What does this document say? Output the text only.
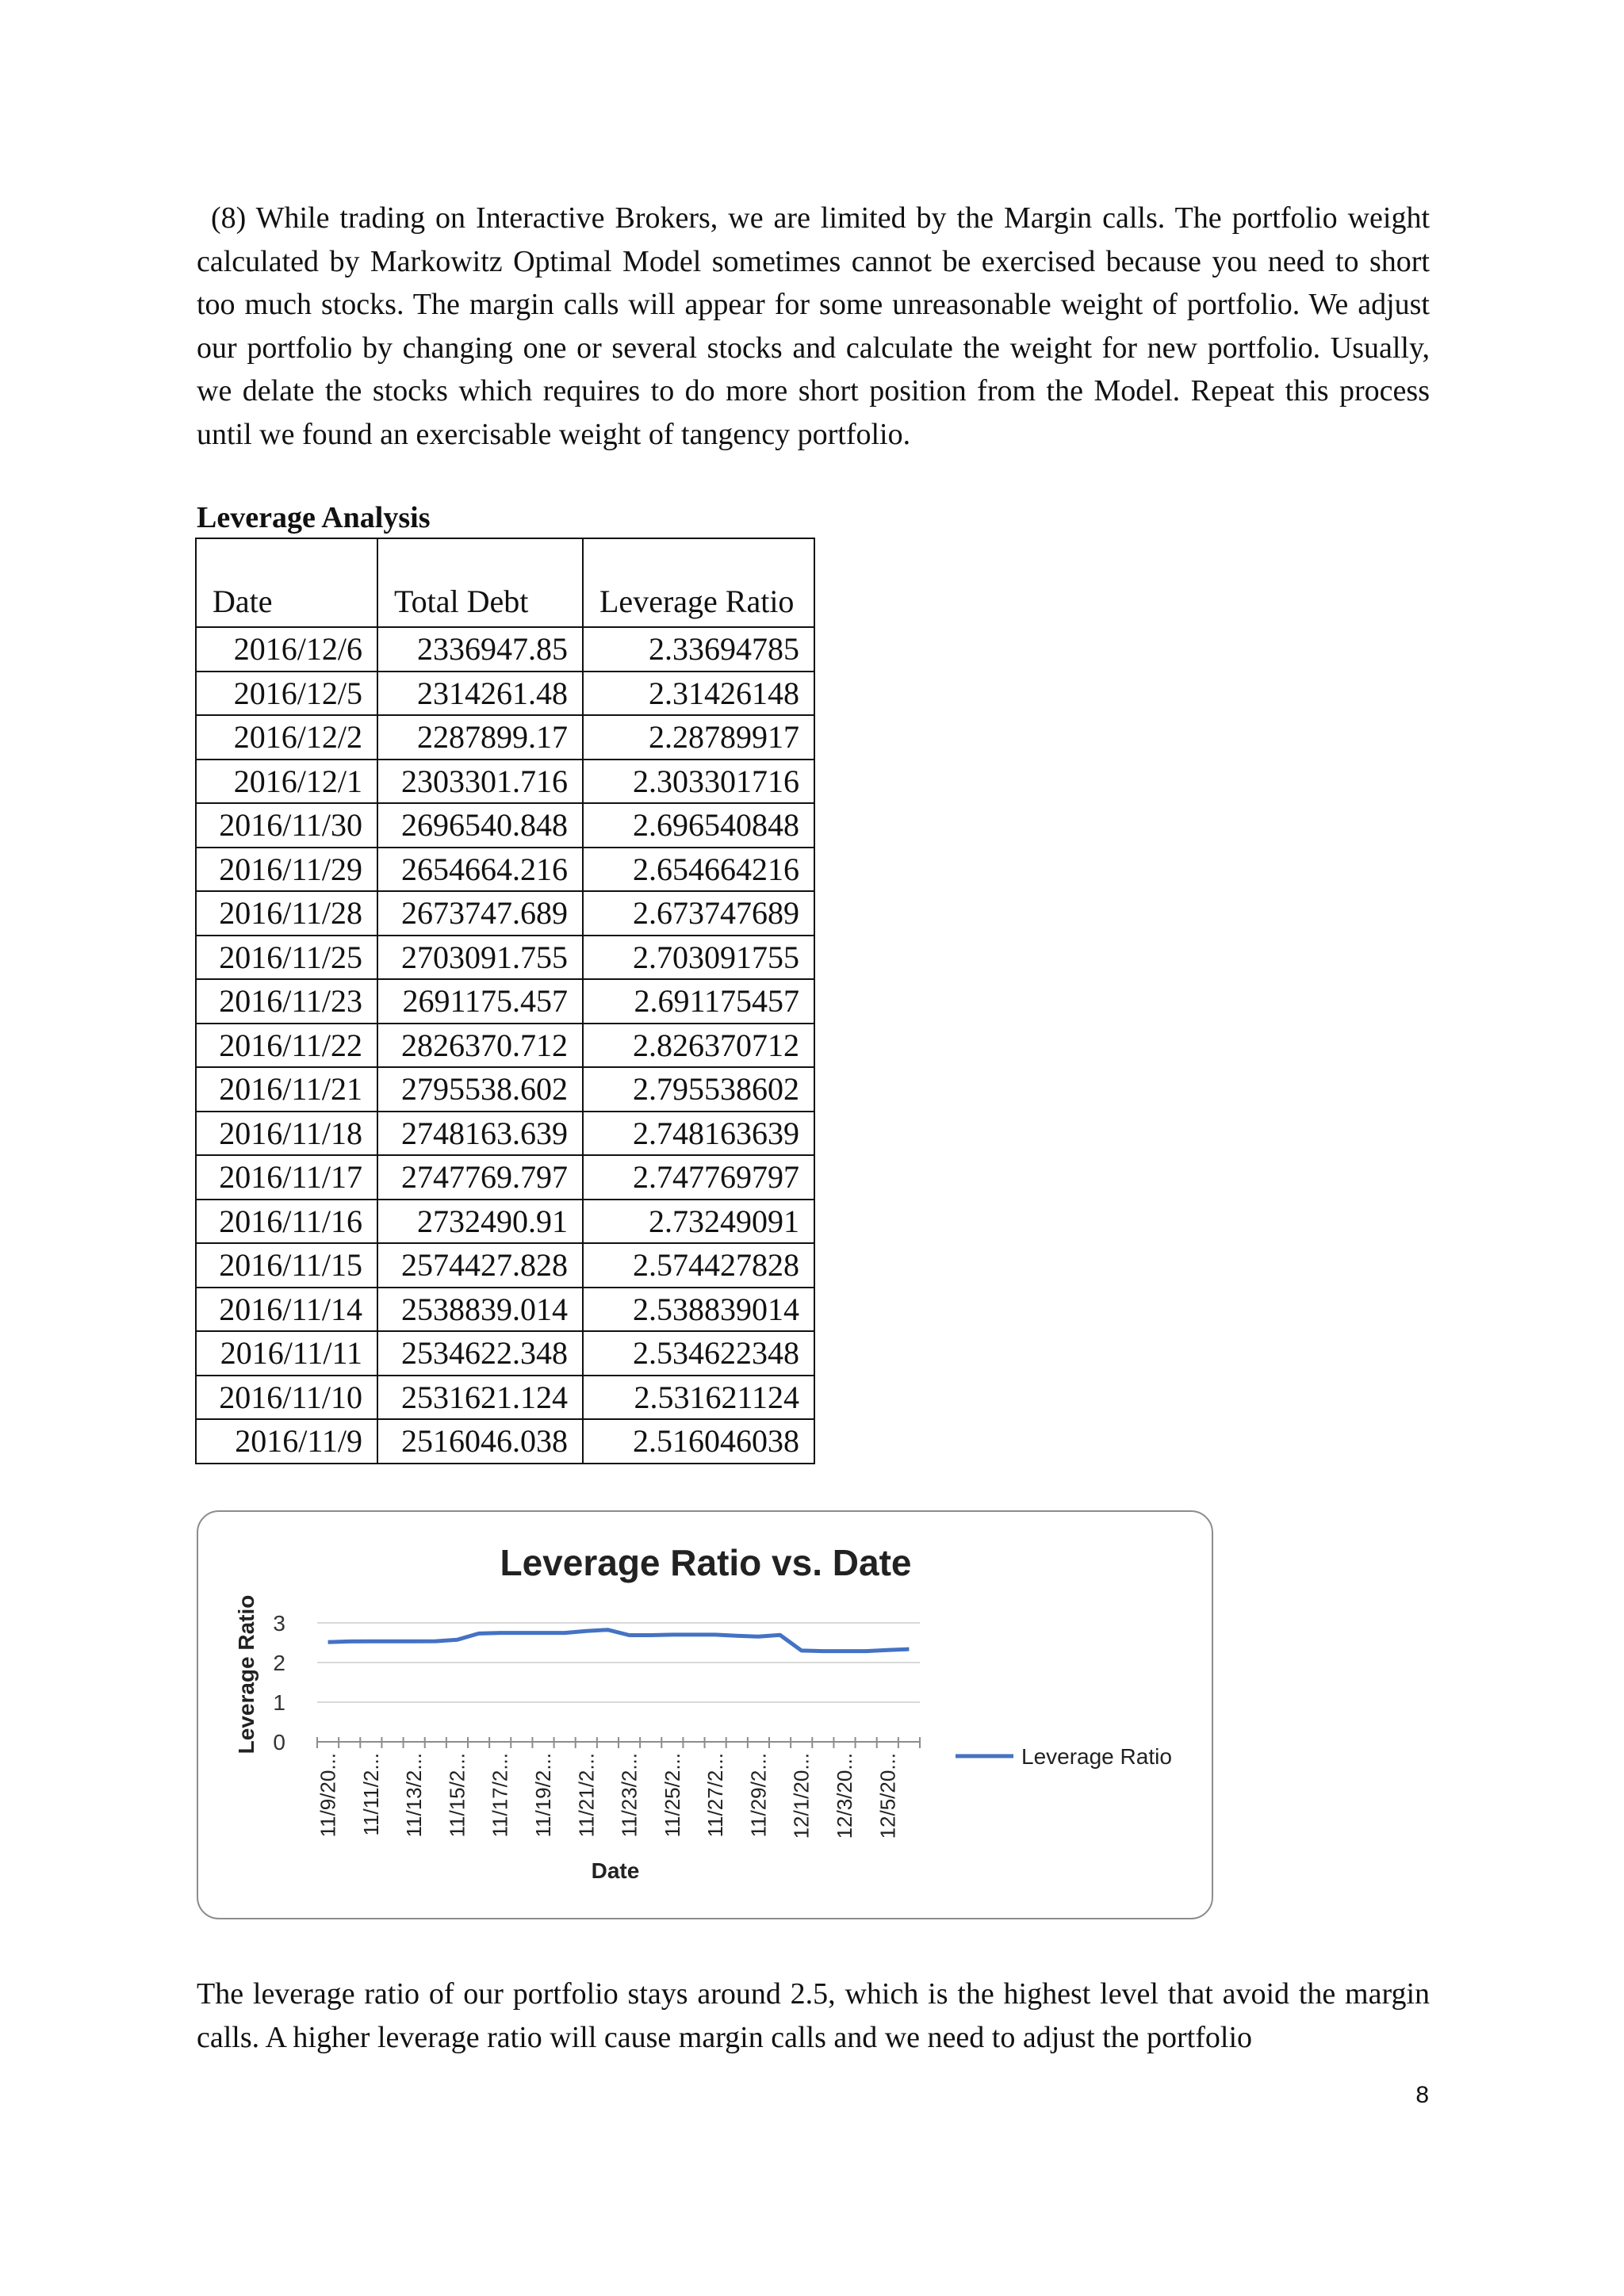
(8) While trading on Interactive Brokers, we are limited by the Margin calls. The portfolio weight calculated by Markowitz Optimal Model sometimes cannot be exercised because you need to short too much stocks. The margin calls will appear for some unreasonable weight of portfolio. We adjust our portfolio by changing one or several stocks and calculate the weight for new portfolio. Usually, we delate the stocks which requires to do more short position from the Model. Repeat this process until we found an exercisable weight of tangency portfolio.

Leverage Analysis
Date	Total Debt	Leverage Ratio
2016/12/6	2336947.85	2.33694785
2016/12/5	2314261.48	2.31426148
2016/12/2	2287899.17	2.28789917
2016/12/1	2303301.716	2.303301716
2016/11/30	2696540.848	2.696540848
2016/11/29	2654664.216	2.654664216
2016/11/28	2673747.689	2.673747689
2016/11/25	2703091.755	2.703091755
2016/11/23	2691175.457	2.691175457
2016/11/22	2826370.712	2.826370712
2016/11/21	2795538.602	2.795538602
2016/11/18	2748163.639	2.748163639
2016/11/17	2747769.797	2.747769797
2016/11/16	2732490.91	2.73249091
2016/11/15	2574427.828	2.574427828
2016/11/14	2538839.014	2.538839014
2016/11/11	2534622.348	2.534622348
2016/11/10	2531621.124	2.531621124
2016/11/9	2516046.038	2.516046038
Leverage Ratio vs. Date
Leverage Ratio
Date
0
1
2
3
11/9/20... 11/11/2... 11/13/2... 11/15/2... 11/17/2... 11/19/2... 11/21/2... 11/23/2... 11/25/2... 11/27/2... 11/29/2... 12/1/20... 12/3/20... 12/5/20...	Leverage Ratio

The leverage ratio of our portfolio stays around 2.5, which is the highest level that avoid the margin calls. A higher leverage ratio will cause margin calls and we need to adjust the portfolio

8
